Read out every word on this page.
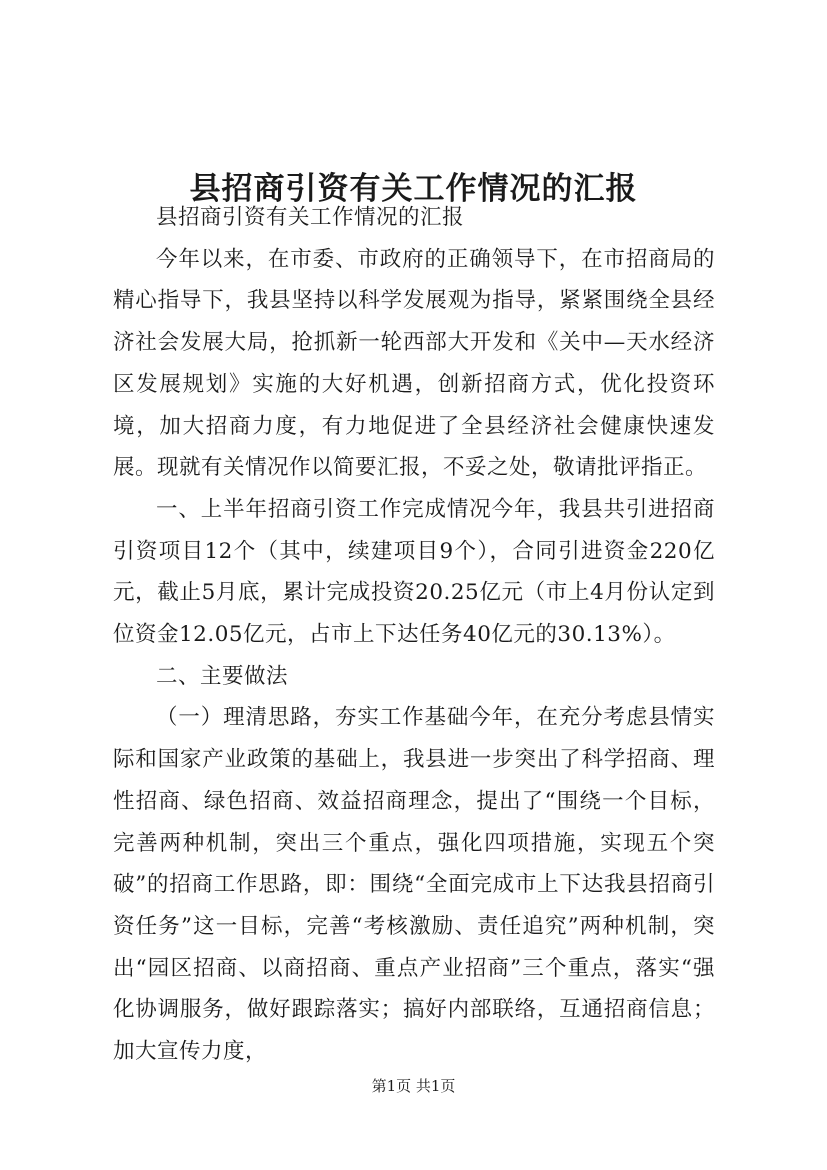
县招商引资有关工作情况的汇报

县招商引资有关工作情况的汇报

今年以来，在市委、市政府的正确领导下，在市招商局的精心指导下，我县坚持以科学发展观为指导，紧紧围绕全县经济社会发展大局，抢抓新一轮西部大开发和《关中—天水经济区发展规划》实施的大好机遇，创新招商方式，优化投资环境，加大招商力度，有力地促进了全县经济社会健康快速发展。现就有关情况作以简要汇报，不妥之处，敬请批评指正。

一、上半年招商引资工作完成情况今年，我县共引进招商引资项目12个（其中，续建项目9个），合同引进资金220亿元，截止5月底，累计完成投资20.25亿元（市上4月份认定到位资金12.05亿元，占市上下达任务40亿元的30.13%）。

二、主要做法

（一）理清思路，夯实工作基础今年，在充分考虑县情实际和国家产业政策的基础上，我县进一步突出了科学招商、理性招商、绿色招商、效益招商理念，提出了“围绕一个目标，完善两种机制，突出三个重点，强化四项措施，实现五个突破”的招商工作思路，即：围绕“全面完成市上下达我县招商引资任务”这一目标，完善“考核激励、责任追究”两种机制，突出“园区招商、以商招商、重点产业招商”三个重点，落实“强化协调服务，做好跟踪落实；搞好内部联络，互通招商信息；加大宣传力度，

第1页 共1页
